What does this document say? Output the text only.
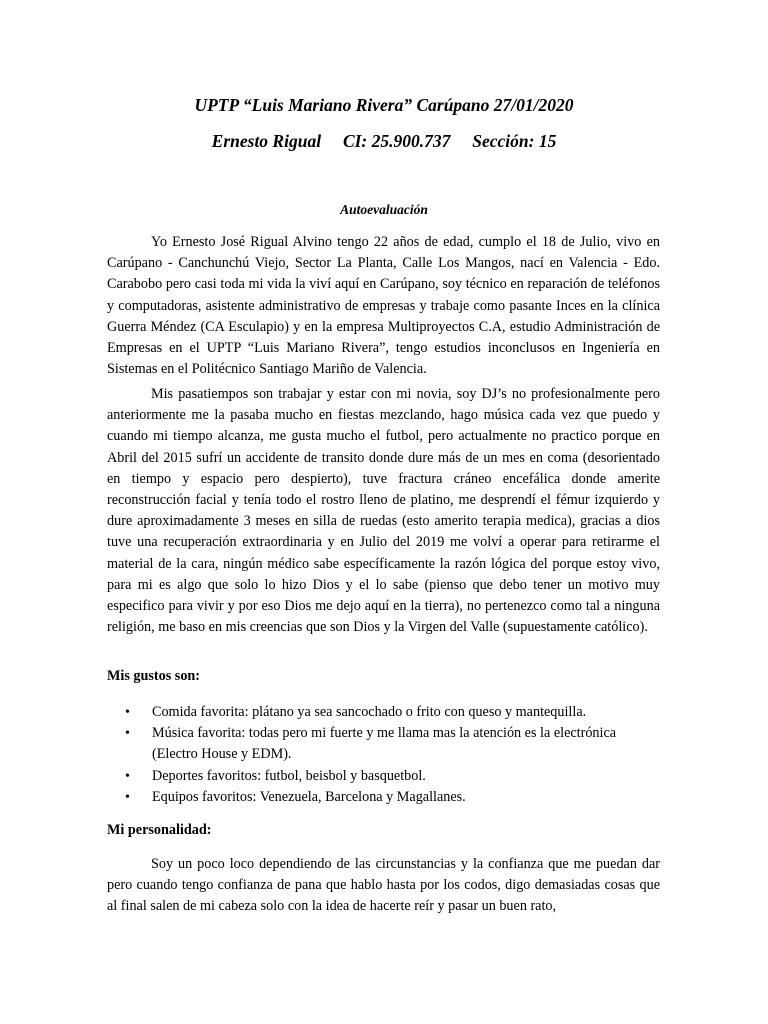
UPTP “Luis Mariano Rivera” Carúpano 27/01/2020
Ernesto Rigual     CI: 25.900.737     Sección: 15
Autoevaluación

Yo Ernesto José Rigual Alvino tengo 22 años de edad, cumplo el 18 de Julio, vivo en Carúpano - Canchunchú Viejo, Sector La Planta, Calle Los Mangos, nací en Valencia - Edo. Carabobo pero casi toda mi vida la viví aquí en Carúpano, soy técnico en reparación de teléfonos y computadoras, asistente administrativo de empresas y trabaje como pasante Inces en la clínica Guerra Méndez (CA Esculapio) y en la empresa Multiproyectos C.A, estudio Administración de Empresas en el UPTP “Luis Mariano Rivera”, tengo estudios inconclusos en Ingeniería en Sistemas en el Politécnico Santiago Mariño de Valencia.

Mis pasatiempos son trabajar y estar con mi novia, soy DJ’s no profesionalmente pero anteriormente me la pasaba mucho en fiestas mezclando, hago música cada vez que puedo y cuando mi tiempo alcanza, me gusta mucho el futbol, pero actualmente no practico porque en Abril del 2015 sufrí un accidente de transito donde dure más de un mes en coma (desorientado en tiempo y espacio pero despierto), tuve fractura cráneo encefálica donde amerite reconstrucción facial y tenía todo el rostro lleno de platino, me desprendí el fémur izquierdo y dure aproximadamente 3 meses en silla de ruedas (esto amerito terapia medica), gracias a dios tuve una recuperación extraordinaria y en Julio del 2019 me volví a operar para retirarme el material de la cara, ningún médico sabe específicamente la razón lógica del porque estoy vivo, para mi es algo que solo lo hizo Dios y el lo sabe (pienso que debo tener un motivo muy especifico para vivir y por eso Dios me dejo aquí en la tierra), no pertenezco como tal a ninguna religión, me baso en mis creencias que son Dios y la Virgen del Valle (supuestamente católico).

Mis gustos son:
• Comida favorita: plátano ya sea sancochado o frito con queso y mantequilla.
• Música favorita: todas pero mi fuerte y me llama mas la atención es la electrónica (Electro House y EDM).
• Deportes favoritos: futbol, beisbol y basquetbol.
• Equipos favoritos: Venezuela, Barcelona y Magallanes.
Mi personalidad:

Soy un poco loco dependiendo de las circunstancias y la confianza que me puedan dar pero cuando tengo confianza de pana que hablo hasta por los codos, digo demasiadas cosas que al final salen de mi cabeza solo con la idea de hacerte reír y pasar un buen rato,
